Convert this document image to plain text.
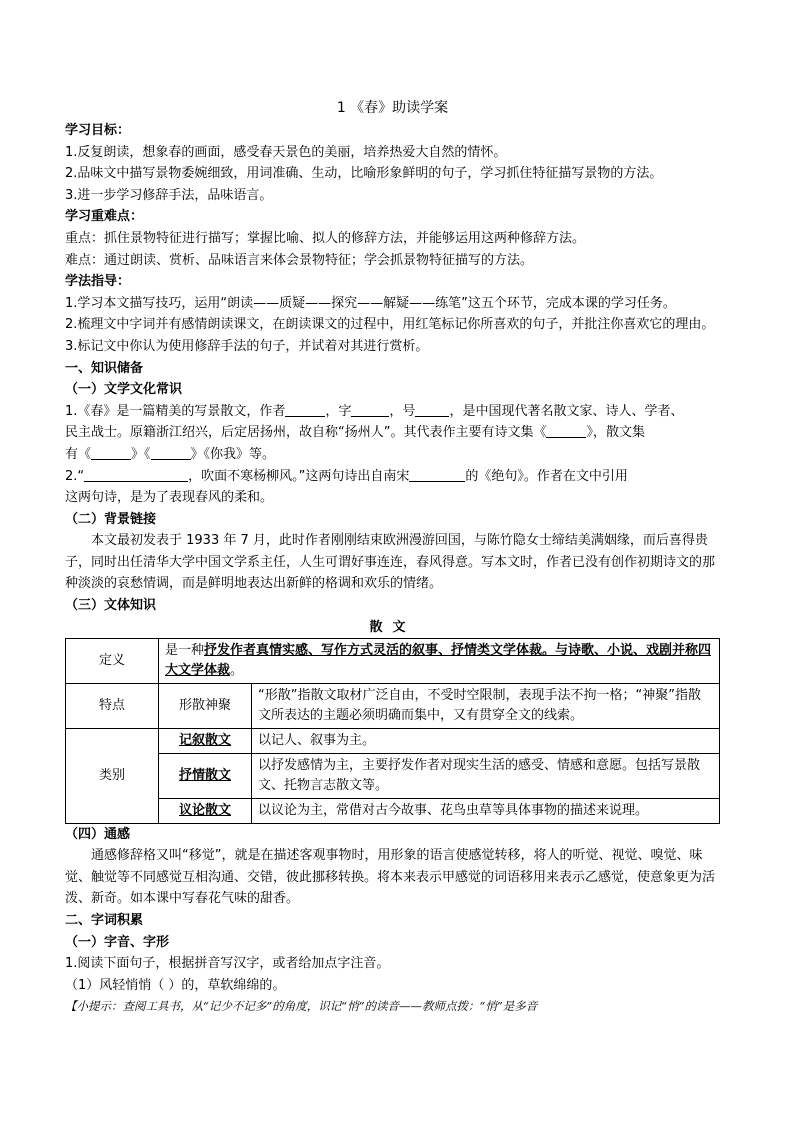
1 《春》助读学案
学习目标：
1.反复朗读，想象春的画面，感受春天景色的美丽，培养热爱大自然的情怀。
2.品味文中描写景物委婉细致，用词准确、生动，比喻形象鲜明的句子，学习抓住特征描写景物的方法。
3.进一步学习修辞手法，品味语言。
学习重难点：
重点：抓住景物特征进行描写；掌握比喻、拟人的修辞方法，并能够运用这两种修辞方法。
难点：通过朗读、赏析、品味语言来体会景物特征；学会抓景物特征描写的方法。
学法指导：
1.学习本文描写技巧，运用“朗读——质疑——探究——解疑——练笔”这五个环节，完成本课的学习任务。
2.梳理文中字词并有感情朗读课文，在朗读课文的过程中，用红笔标记你所喜欢的句子，并批注你喜欢它的理由。
3.标记文中你认为使用修辞手法的句子，并试着对其进行赏析。
一、知识储备
（一）文学文化常识
1.《春》是一篇精美的写景散文，作者	，字	，号	，是中国现代著名散文家、诗人、学者、
民主战士。原籍浙江绍兴，后定居扬州，故自称“扬州人”。其代表作主要有诗文集《	》，散文集
有《	》《	》《你我》等。
2.“	，吹面不寒杨柳风。”这两句诗出自南宋	的《绝句》。作者在文中引用
这两句诗，是为了表现春风的柔和。
（二）背景链接
本文最初发表于 1933 年 7 月，此时作者刚刚结束欧洲漫游回国，与陈竹隐女士缔结美满姻缘，而后喜得贵子，同时出任清华大学中国文学系主任，人生可谓好事连连，春风得意。写本文时，作者已没有创作初期诗文的那种淡淡的哀愁情调，而是鲜明地表达出新鲜的格调和欢乐的情绪。
（三）文体知识
散文
定义	是一种抒发作者真情实感、写作方式灵活的叙事、抒情类文学体裁。与诗歌、小说、戏剧并称四大文学体裁。	
特点	形散神聚	“形散”指散文取材广泛自由，不受时空限制，表现手法不拘一格；“神聚”指散文所表达的主题必须明确而集中，又有贯穿全文的线索。
类别	记叙散文	以记人、叙事为主。
	抒情散文	以抒发感情为主，主要抒发作者对现实生活的感受、情感和意愿。包括写景散文、托物言志散文等。
	议论散文	以议论为主，常借对古今故事、花鸟虫草等具体事物的描述来说理。
（四）通感
通感修辞格又叫“移觉”，就是在描述客观事物时，用形象的语言使感觉转移，将人的听觉、视觉、嗅觉、味觉、触觉等不同感觉互相沟通、交错，彼此挪移转换。将本来表示甲感觉的词语移用来表示乙感觉，使意象更为活泼、新奇。如本课中写春花气味的甜香。
二、字词积累
（一）字音、字形
1.阅读下面句子，根据拼音写汉字，或者给加点字注音。
（1）风轻悄悄（ ）的，草软绵绵的。
【小提示：查阅工具书，从“记少不记多”的角度，识记“悄”的读音——教师点拨：“悄”是多音
